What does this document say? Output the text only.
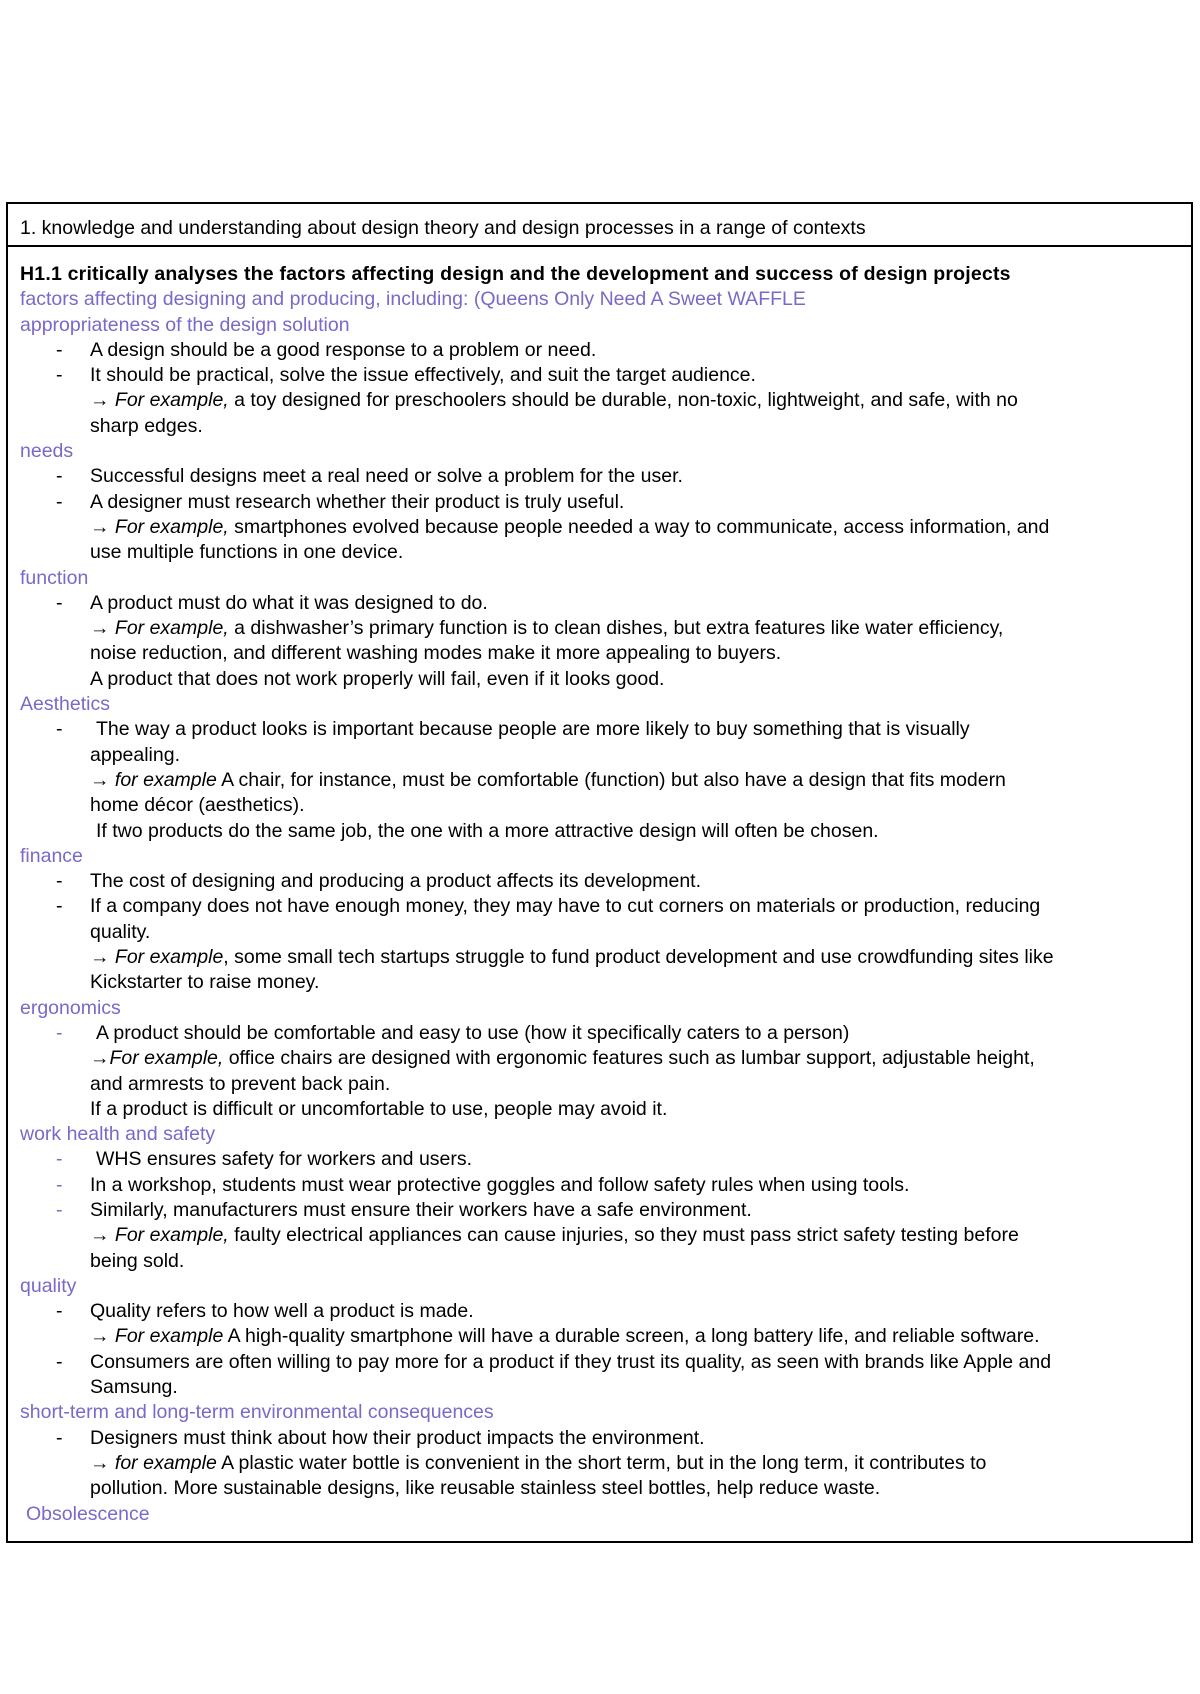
1. knowledge and understanding about design theory and design processes in a range of contexts
H1.1 critically analyses the factors affecting design and the development and success of design projects
factors affecting designing and producing, including: (Queens Only Need A Sweet WAFFLE
appropriateness of the design solution
-	A design should be a good response to a problem or need.
-	It should be practical, solve the issue effectively, and suit the target audience.
→ For example, a toy designed for preschoolers should be durable, non-toxic, lightweight, and safe, with no
sharp edges.
needs
-	Successful designs meet a real need or solve a problem for the user.
-	A designer must research whether their product is truly useful.
→ For example, smartphones evolved because people needed a way to communicate, access information, and
use multiple functions in one device.
function
-	A product must do what it was designed to do.
→ For example, a dishwasher’s primary function is to clean dishes, but extra features like water efficiency,
noise reduction, and different washing modes make it more appealing to buyers.
A product that does not work properly will fail, even if it looks good.
Aesthetics
-	The way a product looks is important because people are more likely to buy something that is visually
appealing.
→ for example A chair, for instance, must be comfortable (function) but also have a design that fits modern
home décor (aesthetics).
If two products do the same job, the one with a more attractive design will often be chosen.
finance
-	The cost of designing and producing a product affects its development.
-	If a company does not have enough money, they may have to cut corners on materials or production, reducing
quality.
→ For example, some small tech startups struggle to fund product development and use crowdfunding sites like
Kickstarter to raise money.
ergonomics
-	A product should be comfortable and easy to use (how it specifically caters to a person)
→For example, office chairs are designed with ergonomic features such as lumbar support, adjustable height,
and armrests to prevent back pain.
If a product is difficult or uncomfortable to use, people may avoid it.
work health and safety
-	WHS ensures safety for workers and users.
-	In a workshop, students must wear protective goggles and follow safety rules when using tools.
-	Similarly, manufacturers must ensure their workers have a safe environment.
→ For example, faulty electrical appliances can cause injuries, so they must pass strict safety testing before
being sold.
quality
-	Quality refers to how well a product is made.
→ For example A high-quality smartphone will have a durable screen, a long battery life, and reliable software.
-	Consumers are often willing to pay more for a product if they trust its quality, as seen with brands like Apple and
Samsung.
short-term and long-term environmental consequences
-	Designers must think about how their product impacts the environment.
→ for example A plastic water bottle is convenient in the short term, but in the long term, it contributes to
pollution. More sustainable designs, like reusable stainless steel bottles, help reduce waste.
Obsolescence
